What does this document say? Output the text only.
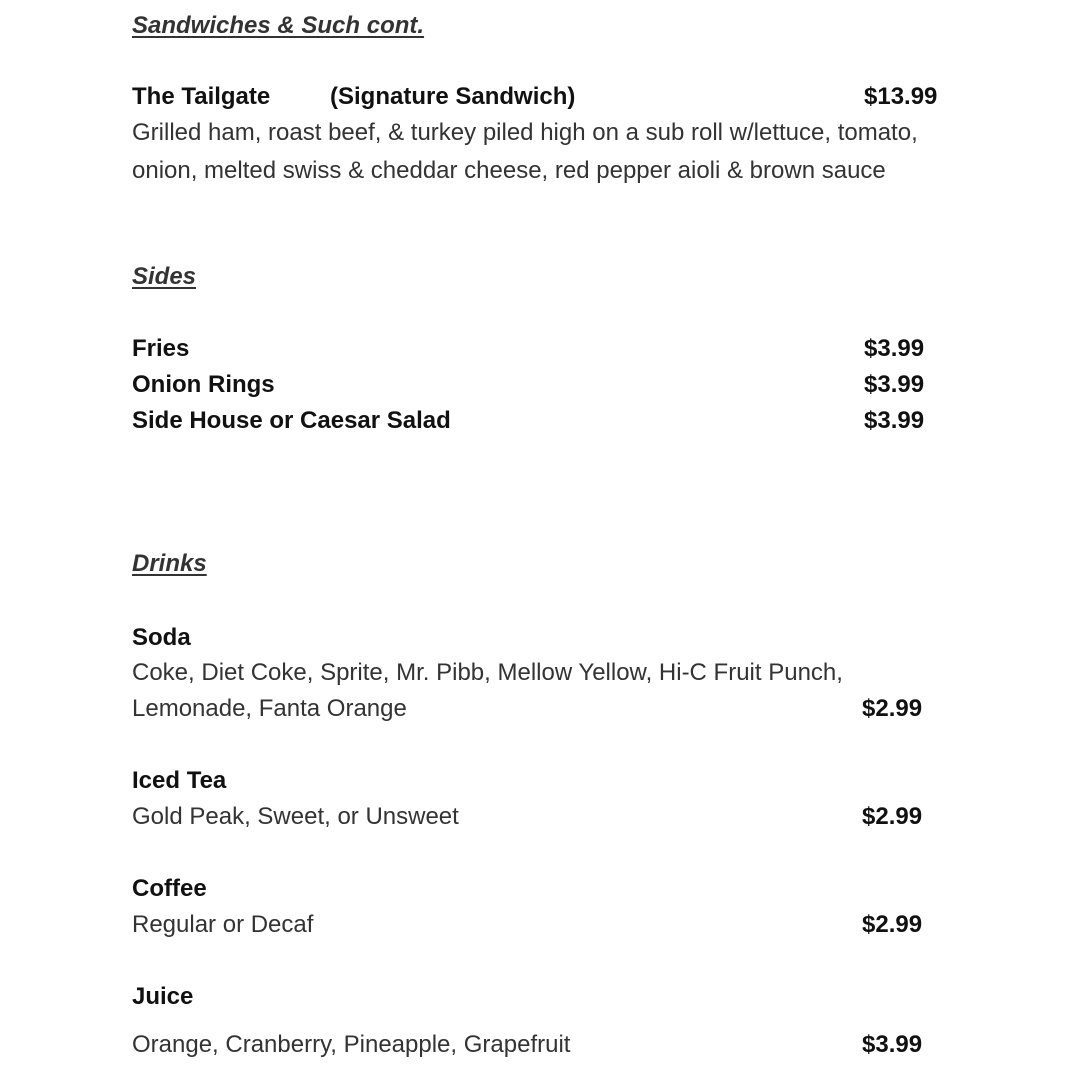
Sandwiches & Such cont.
The Tailgate (Signature Sandwich)	$13.99
Grilled ham, roast beef, & turkey piled high on a sub roll w/lettuce, tomato,
onion, melted swiss & cheddar cheese, red pepper aioli & brown sauce
Sides
Fries	$3.99
Onion Rings	$3.99
Side House or Caesar Salad	$3.99
Drinks
Soda
Coke, Diet Coke, Sprite, Mr. Pibb, Mellow Yellow, Hi-C Fruit Punch,
Lemonade, Fanta Orange	$2.99
Iced Tea
Gold Peak, Sweet, or Unsweet	$2.99
Coffee
Regular or Decaf	$2.99
Juice
Orange, Cranberry, Pineapple, Grapefruit	$3.99
